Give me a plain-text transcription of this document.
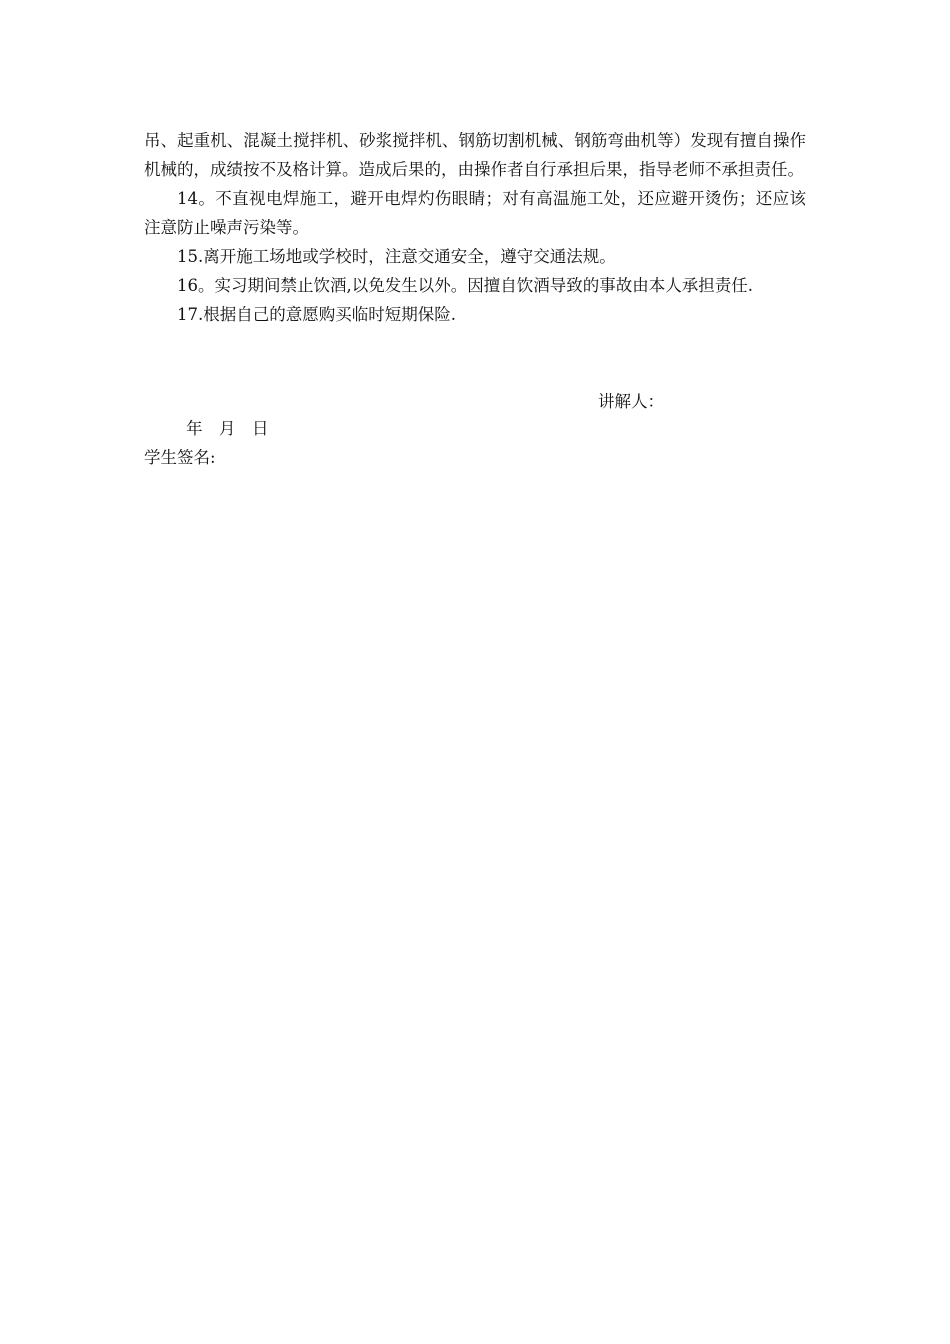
吊、起重机、混凝土搅拌机、砂浆搅拌机、钢筋切割机械、钢筋弯曲机等）发现有擅自操作机械的，成绩按不及格计算。造成后果的，由操作者自行承担后果，指导老师不承担责任。

14。不直视电焊施工，避开电焊灼伤眼睛；对有高温施工处，还应避开烫伤；还应该注意防止噪声污染等。

15.离开施工场地或学校时，注意交通安全，遵守交通法规。

16。实习期间禁止饮酒,以免发生以外。因擅自饮酒导致的事故由本人承担责任.

17.根据自己的意愿购买临时短期保险.

讲解人：
年　月　日
学生签名:
